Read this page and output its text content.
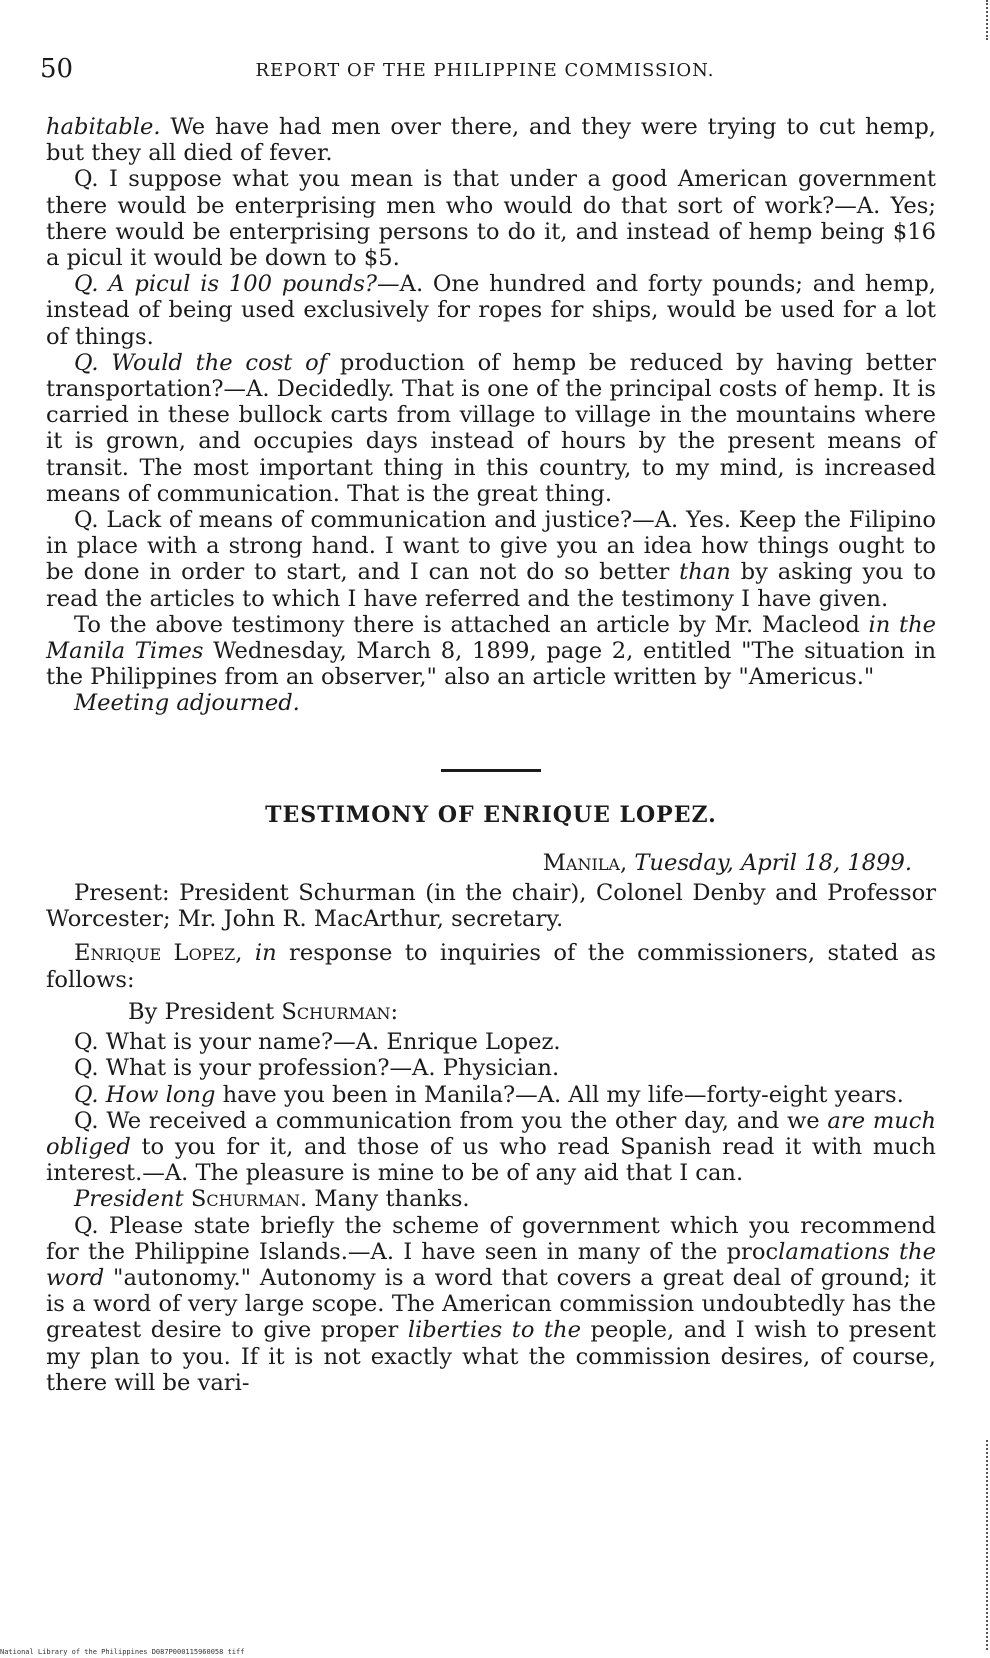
50	REPORT OF THE PHILIPPINE COMMISSION.

habitable. We have had men over there, and they were trying to cut hemp, but they all died of fever.

Q. I suppose what you mean is that under a good American government there would be enterprising men who would do that sort of work?—A. Yes; there would be enterprising persons to do it, and instead of hemp being $16 a picul it would be down to $5.

Q. A picul is 100 pounds?—A. One hundred and forty pounds; and hemp, instead of being used exclusively for ropes for ships, would be used for a lot of things.

Q. Would the cost of production of hemp be reduced by having better transportation?—A. Decidedly. That is one of the principal costs of hemp. It is carried in these bullock carts from village to village in the mountains where it is grown, and occupies days instead of hours by the present means of transit. The most important thing in this country, to my mind, is increased means of communication. That is the great thing.

Q. Lack of means of communication and justice?—A. Yes. Keep the Filipino in place with a strong hand. I want to give you an idea how things ought to be done in order to start, and I can not do so better than by asking you to read the articles to which I have referred and the testimony I have given.

To the above testimony there is attached an article by Mr. Macleod in the Manila Times Wednesday, March 8, 1899, page 2, entitled "The situation in the Philippines from an observer," also an article written by "Americus."

Meeting adjourned.

TESTIMONY OF ENRIQUE LOPEZ.

Manila, Tuesday, April 18, 1899.

Present: President Schurman (in the chair), Colonel Denby and Professor Worcester; Mr. John R. MacArthur, secretary.

Enrique Lopez, in response to inquiries of the commissioners, stated as follows:

By President Schurman:

Q. What is your name?—A. Enrique Lopez.

Q. What is your profession?—A. Physician.

Q. How long have you been in Manila?—A. All my life—forty-eight years.

Q. We received a communication from you the other day, and we are much obliged to you for it, and those of us who read Spanish read it with much interest.—A. The pleasure is mine to be of any aid that I can.

President Schurman. Many thanks.

Q. Please state briefly the scheme of government which you recommend for the Philippine Islands.—A. I have seen in many of the proclamations the word "autonomy." Autonomy is a word that covers a great deal of ground; it is a word of very large scope. The American commission undoubtedly has the greatest desire to give proper liberties to the people, and I wish to present my plan to you. If it is not exactly what the commission desires, of course, there will be vari-

National Library of the Philippines D087P000115960058 tiff
